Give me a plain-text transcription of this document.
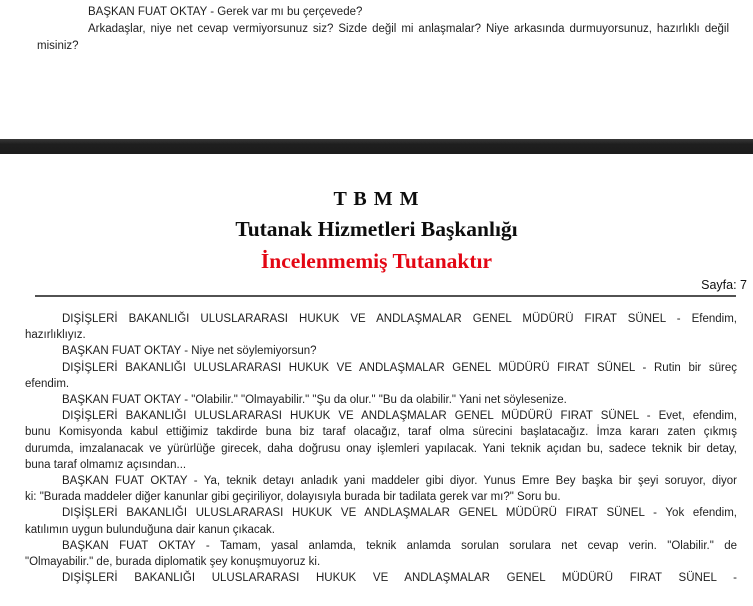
BAŞKAN FUAT OKTAY - Gerek var mı bu çerçevede?

Arkadaşlar, niye net cevap vermiyorsunuz siz? Sizde değil mi anlaşmalar? Niye arkasında durmuyorsunuz, hazırlıklı değil
misiniz?

T B M M
Tutanak Hizmetleri Başkanlığı
İncelenmemiş Tutanaktır
Sayfa: 7

DIŞİŞLERİ BAKANLIĞI ULUSLARARASI HUKUK VE ANDLAŞMALAR GENEL MÜDÜRÜ FIRAT SÜNEL - Efendim,
hazırlıklıyız.

BAŞKAN FUAT OKTAY - Niye net söylemiyorsun?

DIŞİŞLERİ BAKANLIĞI ULUSLARARASI HUKUK VE ANDLAŞMALAR GENEL MÜDÜRÜ FIRAT SÜNEL - Rutin bir süreç
efendim.

BAŞKAN FUAT OKTAY - "Olabilir." "Olmayabilir." "Şu da olur." "Bu da olabilir." Yani net söylesenize.

DIŞİŞLERİ BAKANLIĞI ULUSLARARASI HUKUK VE ANDLAŞMALAR GENEL MÜDÜRÜ FIRAT SÜNEL - Evet, efendim,
bunu Komisyonda kabul ettiğimiz takdirde buna biz taraf olacağız, taraf olma sürecini başlatacağız. İmza kararı zaten çıkmış
durumda, imzalanacak ve yürürlüğe girecek, daha doğrusu onay işlemleri yapılacak. Yani teknik açıdan bu, sadece teknik bir detay,
buna taraf olmamız açısından...

BAŞKAN FUAT OKTAY - Ya, teknik detayı anladık yani maddeler gibi diyor. Yunus Emre Bey başka bir şeyi soruyor, diyor
ki: "Burada maddeler diğer kanunlar gibi geçiriliyor, dolayısıyla burada bir tadilata gerek var mı?" Soru bu.

DIŞİŞLERİ BAKANLIĞI ULUSLARARASI HUKUK VE ANDLAŞMALAR GENEL MÜDÜRÜ FIRAT SÜNEL - Yok efendim,
katılımın uygun bulunduğuna dair kanun çıkacak.

BAŞKAN FUAT OKTAY - Tamam, yasal anlamda, teknik anlamda sorulan sorulara net cevap verin. "Olabilir." de
"Olmayabilir." de, burada diplomatik şey konuşmuyoruz ki.

DIŞİŞLERİ BAKANLIĞI ULUSLARARASI HUKUK VE ANDLAŞMALAR GENEL MÜDÜRÜ FIRAT SÜNEL -
